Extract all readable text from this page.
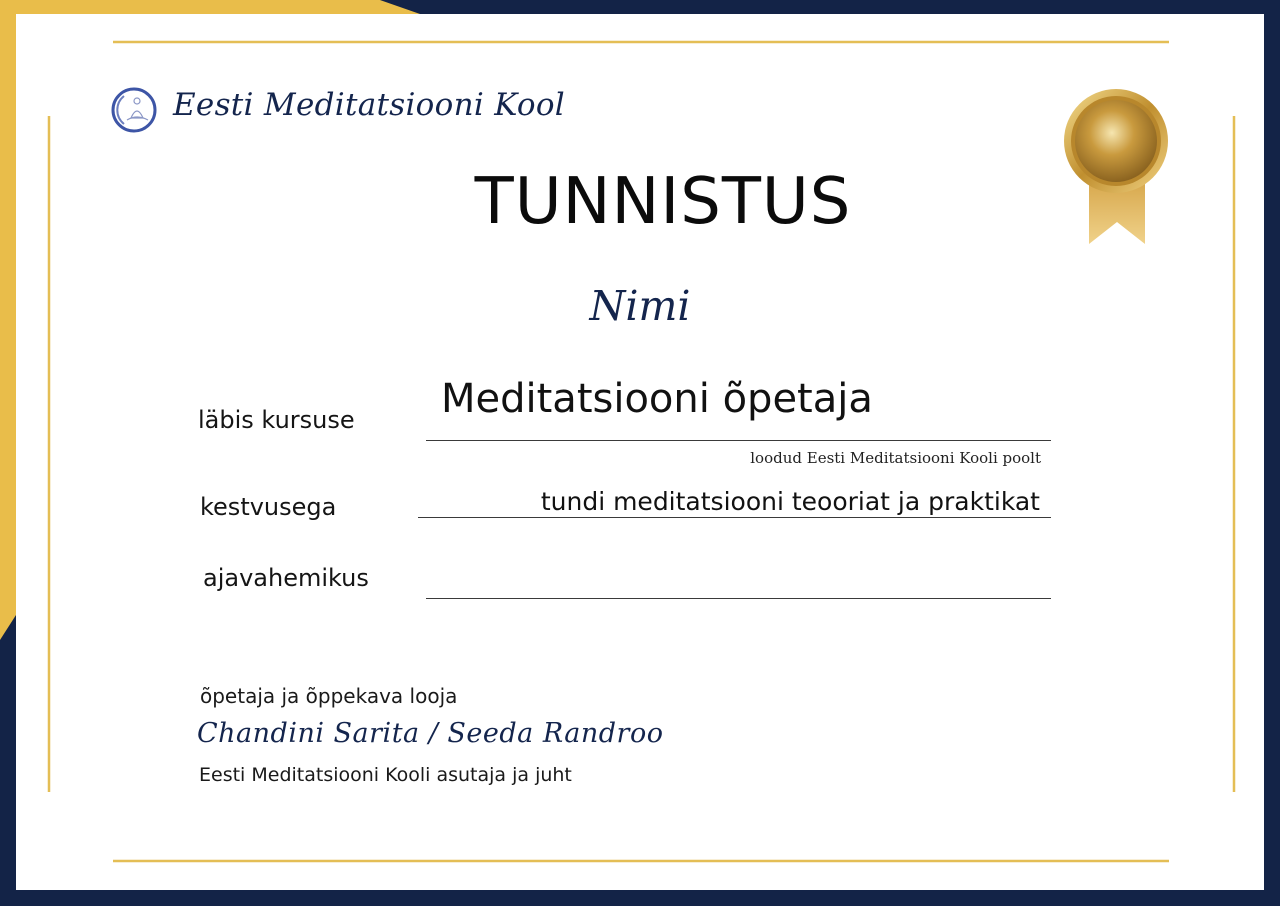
Eesti Meditatsiooni Kool
TUNNISTUS
Nimi
läbis kursuse Meditatsiooni õpetaja
loodud Eesti Meditatsiooni Kooli poolt
kestvusega	tundi meditatsiooni teooriat ja praktikat
ajavahemikus
õpetaja ja õppekava looja
Chandini Sarita / Seeda Randroo
Eesti Meditatsiooni Kooli asutaja ja juht
